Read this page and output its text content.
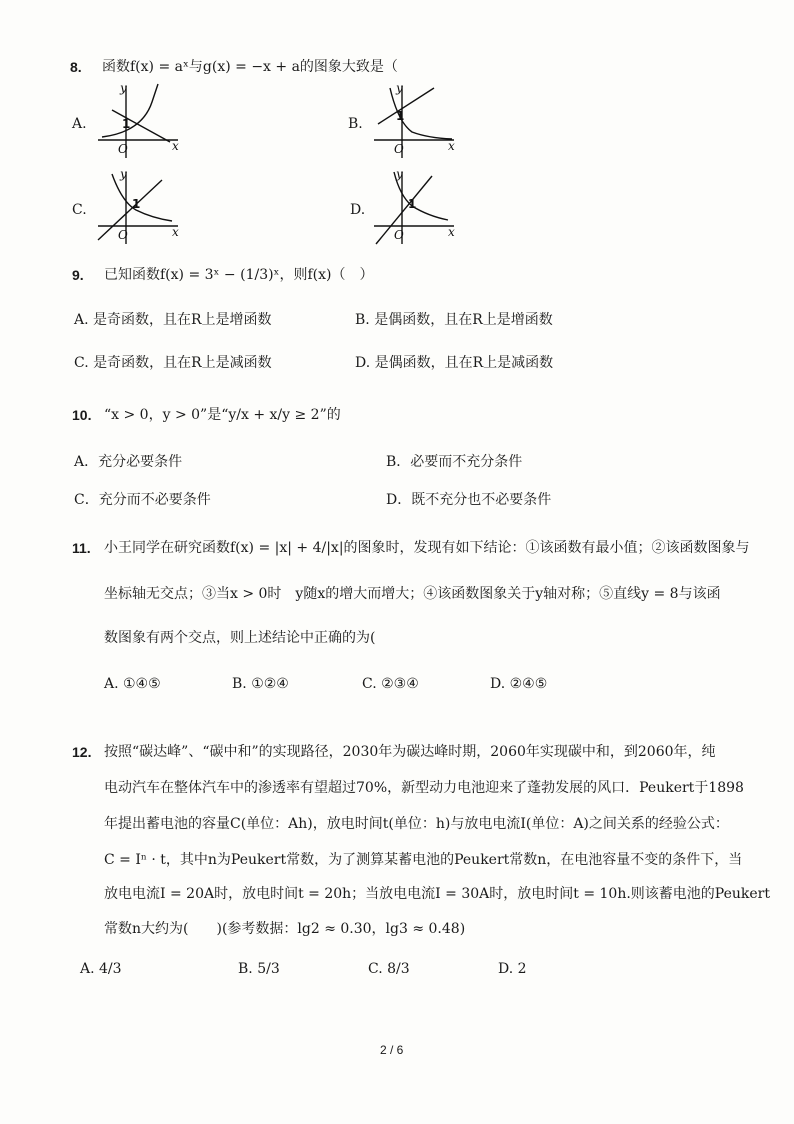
8. 函数f(x) = aˣ与g(x) = −x + a的图象大致是（
A.	B.
C.	D.
y
x
O
1
y
x
O
1
y
x
O
1
y
x
O
1
9. 已知函数f(x) = 3ˣ − (1/3)ˣ，则f(x)（　）
A. 是奇函数，且在R上是增函数	B. 是偶函数，且在R上是增函数
C. 是奇函数，且在R上是减函数	D. 是偶函数，且在R上是减函数
10. “x > 0，y > 0”是“y/x + x/y ≥ 2”的
A．充分必要条件	B．必要而不充分条件
C．充分而不必要条件	D．既不充分也不必要条件
11. 小王同学在研究函数f(x) = |x| + 4/|x|的图象时，发现有如下结论：①该函数有最小值；②该函数图象与
坐标轴无交点；③当x > 0时　y随x的增大而增大；④该函数图象关于y轴对称；⑤直线y = 8与该函
数图象有两个交点，则上述结论中正确的为(
A. ①④⑤	B. ①②④	C. ②③④	D. ②④⑤
12. 按照“碳达峰”、“碳中和”的实现路径，2030年为碳达峰时期，2060年实现碳中和，到2060年，纯
电动汽车在整体汽车中的渗透率有望超过70%，新型动力电池迎来了蓬勃发展的风口．Peukert于1898
年提出蓄电池的容量C(单位：Ah)，放电时间t(单位：h)与放电电流I(单位：A)之间关系的经验公式：
C = Iⁿ · t，其中n为Peukert常数，为了测算某蓄电池的Peukert常数n，在电池容量不变的条件下，当
放电电流I = 20A时，放电时间t = 20h；当放电电流I = 30A时，放电时间t = 10h.则该蓄电池的Peukert
常数n大约为(　　)(参考数据：lg2 ≈ 0.30，lg3 ≈ 0.48)
A. 4/3	B. 5/3	C. 8/3	D. 2
2 / 6
